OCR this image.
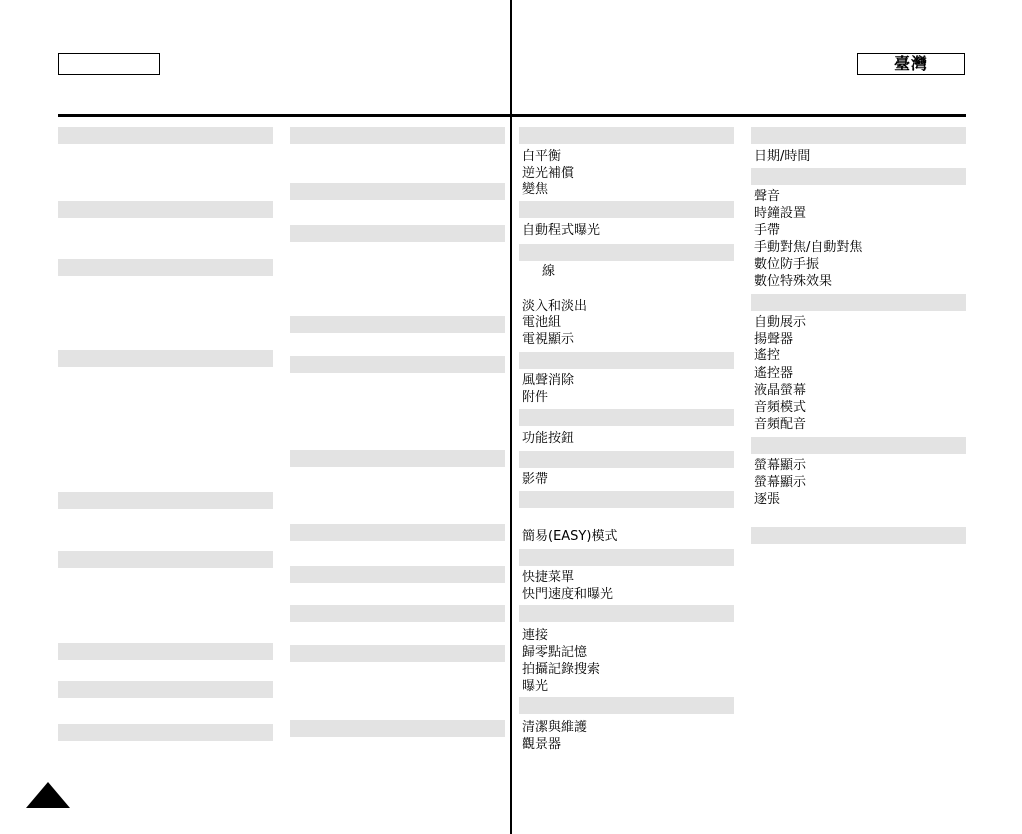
臺灣
白平衡
逆光補償
變焦
自動程式曝光
線
淡入和淡出
電池組
電視顯示
風聲消除
附件
功能按鈕
影帶
簡易(EASY)模式
快捷菜單
快門速度和曝光
連接
歸零點記憶
拍攝記錄搜索
曝光
清潔與維護
觀景器
日期/時間
聲音
時鐘設置
手帶
手動對焦/自動對焦
數位防手振
數位特殊效果
自動展示
揚聲器
遙控
遙控器
液晶螢幕
音頻模式
音頻配音
螢幕顯示
螢幕顯示
逐張
